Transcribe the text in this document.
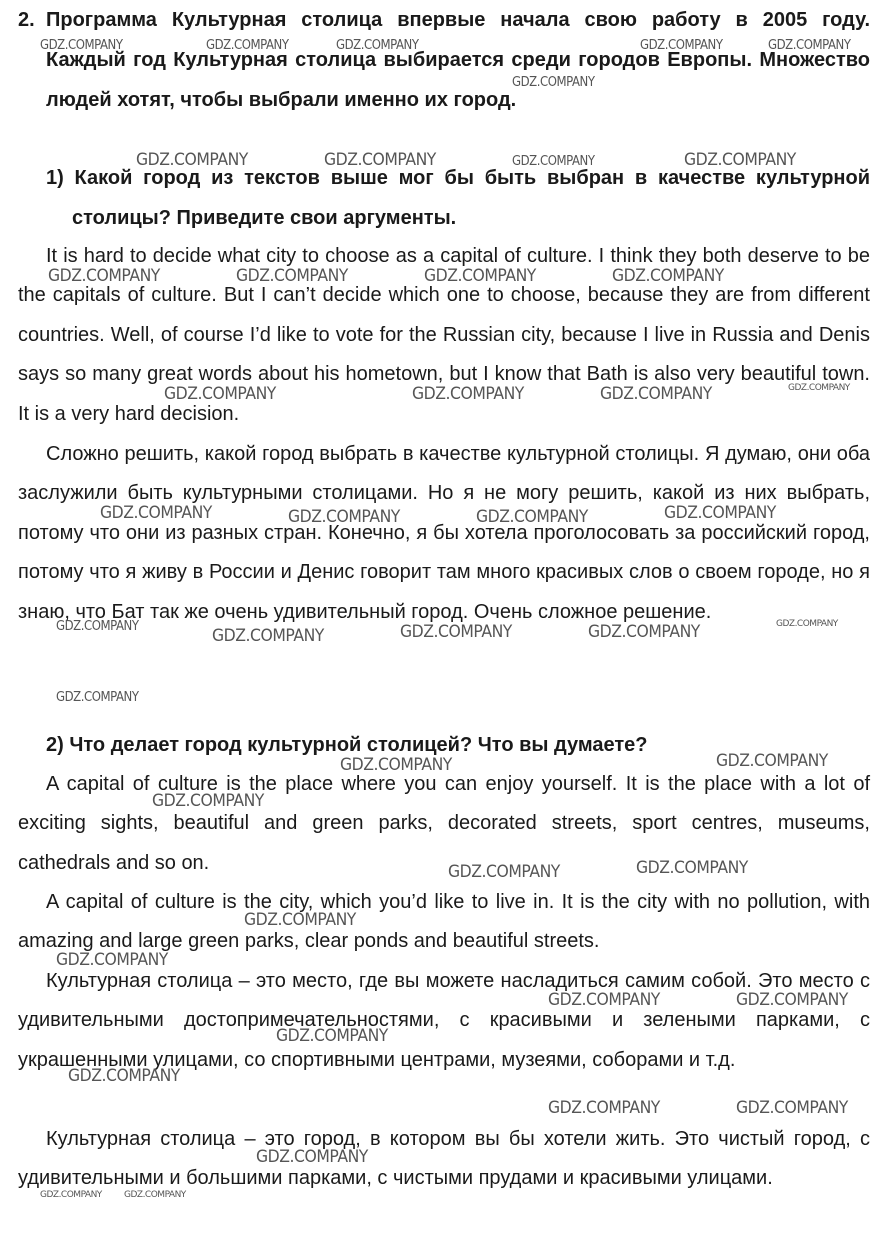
2. Программа Культурная столица впервые начала свою работу в 2005 году. Каждый год Культурная столица выбирается среди городов Европы. Множество людей хотят, чтобы выбрали именно их город.
1) Какой город из текстов выше мог бы быть выбран в качестве культурной столицы? Приведите свои аргументы.

It is hard to decide what city to choose as a capital of culture. I think they both deserve to be the capitals of culture. But I can’t decide which one to choose, because they are from different countries. Well, of course I’d like to vote for the Russian city, because I live in Russia and Denis says so many great words about his hometown, but I know that Bath is also very beautiful town. It is a very hard decision.

Сложно решить, какой город выбрать в качестве культурной столицы. Я думаю, они оба заслужили быть культурными столицами. Но я не могу решить, какой из них выбрать, потому что они из разных стран. Конечно, я бы хотела проголосовать за российский город, потому что я живу в России и Денис говорит там много красивых слов о своем городе, но я знаю, что Бат так же очень удивительный город. Очень сложное решение.

2) Что делает город культурной столицей? Что вы думаете?

A capital of culture is the place where you can enjoy yourself. It is the place with a lot of exciting sights, beautiful and green parks, decorated streets, sport centres, museums, cathedrals and so on.

A capital of culture is the city, which you’d like to live in. It is the city with no pollution, with amazing and large green parks, clear ponds and beautiful streets.

Культурная столица – это место, где вы можете насладиться самим собой. Это место с удивительными достопримечательностями, с красивыми и зелеными парками, с украшенными улицами, со спортивными центрами, музеями, соборами и т.д.

Культурная столица – это город, в котором вы бы хотели жить. Это чистый город, с удивительными и большими парками, с чистыми прудами и красивыми улицами.

GDZ.COMPANY	GDZ.COMPANY	GDZ.COMPANY	GDZ.COMPANY	GDZ.COMPANY
GDZ.COMPANY
GDZ.COMPANY	GDZ.COMPANY	GDZ.COMPANY	GDZ.COMPANY
GDZ.COMPANY	GDZ.COMPANY	GDZ.COMPANY	GDZ.COMPANY
GDZ.COMPANY	GDZ.COMPANY	GDZ.COMPANY	GDZ.COMPANY
GDZ.COMPANY	GDZ.COMPANY	GDZ.COMPANY	GDZ.COMPANY
GDZ.COMPANY	GDZ.COMPANY	GDZ.COMPANY	GDZ.COMPANY	GDZ.COMPANY
GDZ.COMPANY
GDZ.COMPANY	GDZ.COMPANY
GDZ.COMPANY
GDZ.COMPANY	GDZ.COMPANY
GDZ.COMPANY
GDZ.COMPANY
GDZ.COMPANY	GDZ.COMPANY
GDZ.COMPANY
GDZ.COMPANY
GDZ.COMPANY	GDZ.COMPANY
GDZ.COMPANY
GDZ.COMPANY GDZ.COMPANY
